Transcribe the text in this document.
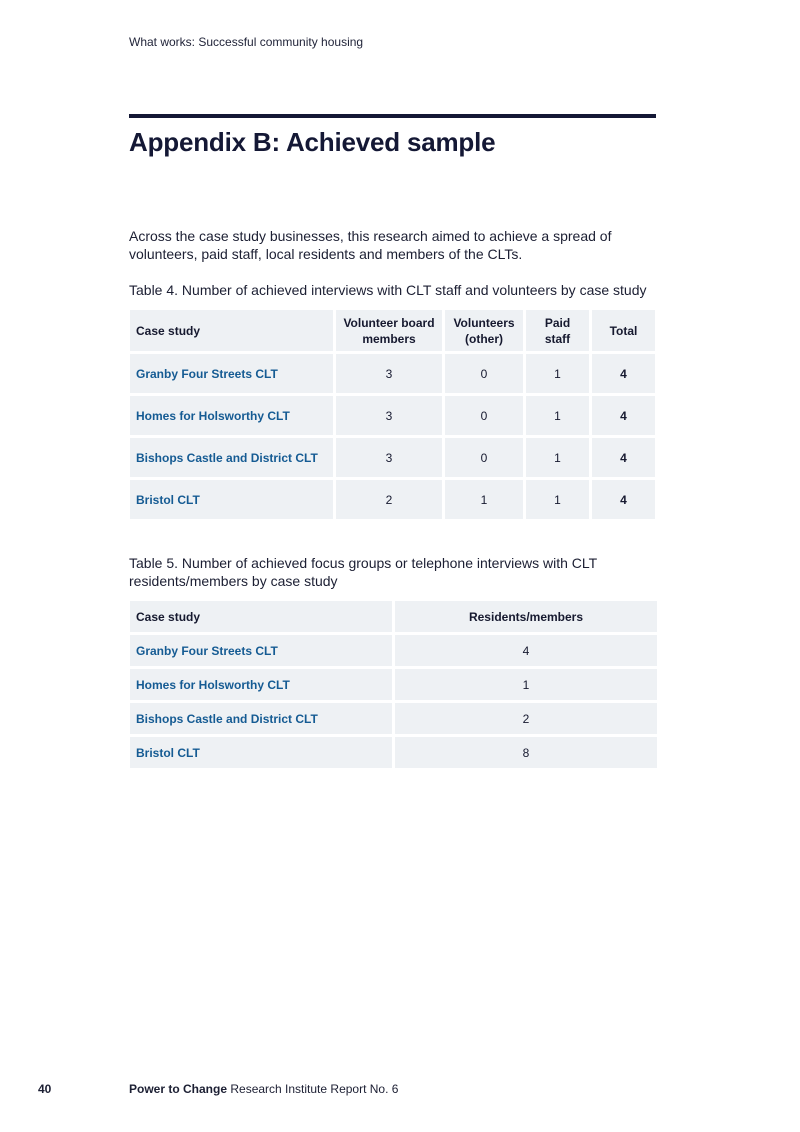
What works: Successful community housing
Appendix B: Achieved sample

Across the case study businesses, this research aimed to achieve a spread of volunteers, paid staff, local residents and members of the CLTs.

Table 4. Number of achieved interviews with CLT staff and volunteers by case study

Case study	Volunteer board members	Volunteers (other)	Paid staff	Total
Granby Four Streets CLT	3	0	1	4
Homes for Holsworthy CLT	3	0	1	4
Bishops Castle and District CLT	3	0	1	4
Bristol CLT	2	1	1	4

Table 5. Number of achieved focus groups or telephone interviews with CLT residents/members by case study

Case study	Residents/members
Granby Four Streets CLT	4
Homes for Holsworthy CLT	1
Bishops Castle and District CLT	2
Bristol CLT	8
40	Power to Change Research Institute Report No. 6
